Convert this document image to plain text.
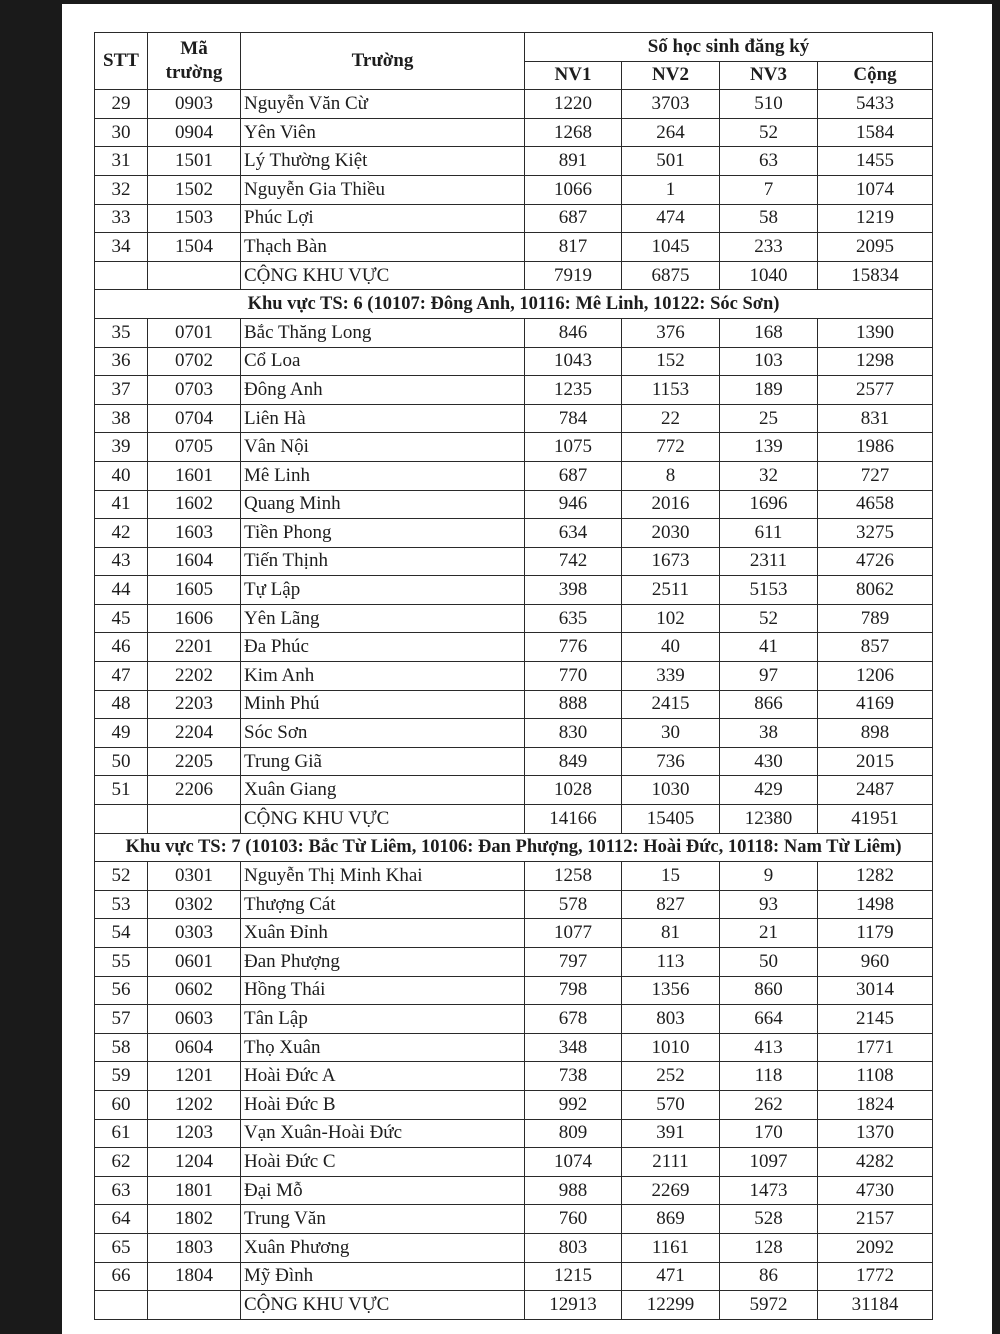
STT	Mã trường	Trường	Số học sinh đăng ký			
			NV1	NV2	NV3	Cộng
29	0903	Nguyễn Văn Cừ	1220	3703	510	5433
30	0904	Yên Viên	1268	264	52	1584
31	1501	Lý Thường Kiệt	891	501	63	1455
32	1502	Nguyễn Gia Thiều	1066	1	7	1074
33	1503	Phúc Lợi	687	474	58	1219
34	1504	Thạch Bàn	817	1045	233	2095
		CỘNG KHU VỰC	7919	6875	1040	15834
Khu vực TS: 6 (10107: Đông Anh, 10116: Mê Linh, 10122: Sóc Sơn)						
35	0701	Bắc Thăng Long	846	376	168	1390
36	0702	Cổ Loa	1043	152	103	1298
37	0703	Đông Anh	1235	1153	189	2577
38	0704	Liên Hà	784	22	25	831
39	0705	Vân Nội	1075	772	139	1986
40	1601	Mê Linh	687	8	32	727
41	1602	Quang Minh	946	2016	1696	4658
42	1603	Tiền Phong	634	2030	611	3275
43	1604	Tiến Thịnh	742	1673	2311	4726
44	1605	Tự Lập	398	2511	5153	8062
45	1606	Yên Lãng	635	102	52	789
46	2201	Đa Phúc	776	40	41	857
47	2202	Kim Anh	770	339	97	1206
48	2203	Minh Phú	888	2415	866	4169
49	2204	Sóc Sơn	830	30	38	898
50	2205	Trung Giã	849	736	430	2015
51	2206	Xuân Giang	1028	1030	429	2487
		CỘNG KHU VỰC	14166	15405	12380	41951
Khu vực TS: 7 (10103: Bắc Từ Liêm, 10106: Đan Phượng, 10112: Hoài Đức, 10118: Nam Từ Liêm)						
52	0301	Nguyễn Thị Minh Khai	1258	15	9	1282
53	0302	Thượng Cát	578	827	93	1498
54	0303	Xuân Đỉnh	1077	81	21	1179
55	0601	Đan Phượng	797	113	50	960
56	0602	Hồng Thái	798	1356	860	3014
57	0603	Tân Lập	678	803	664	2145
58	0604	Thọ Xuân	348	1010	413	1771
59	1201	Hoài Đức A	738	252	118	1108
60	1202	Hoài Đức B	992	570	262	1824
61	1203	Vạn Xuân-Hoài Đức	809	391	170	1370
62	1204	Hoài Đức C	1074	2111	1097	4282
63	1801	Đại Mỗ	988	2269	1473	4730
64	1802	Trung Văn	760	869	528	2157
65	1803	Xuân Phương	803	1161	128	2092
66	1804	Mỹ Đình	1215	471	86	1772
		CỘNG KHU VỰC	12913	12299	5972	31184
